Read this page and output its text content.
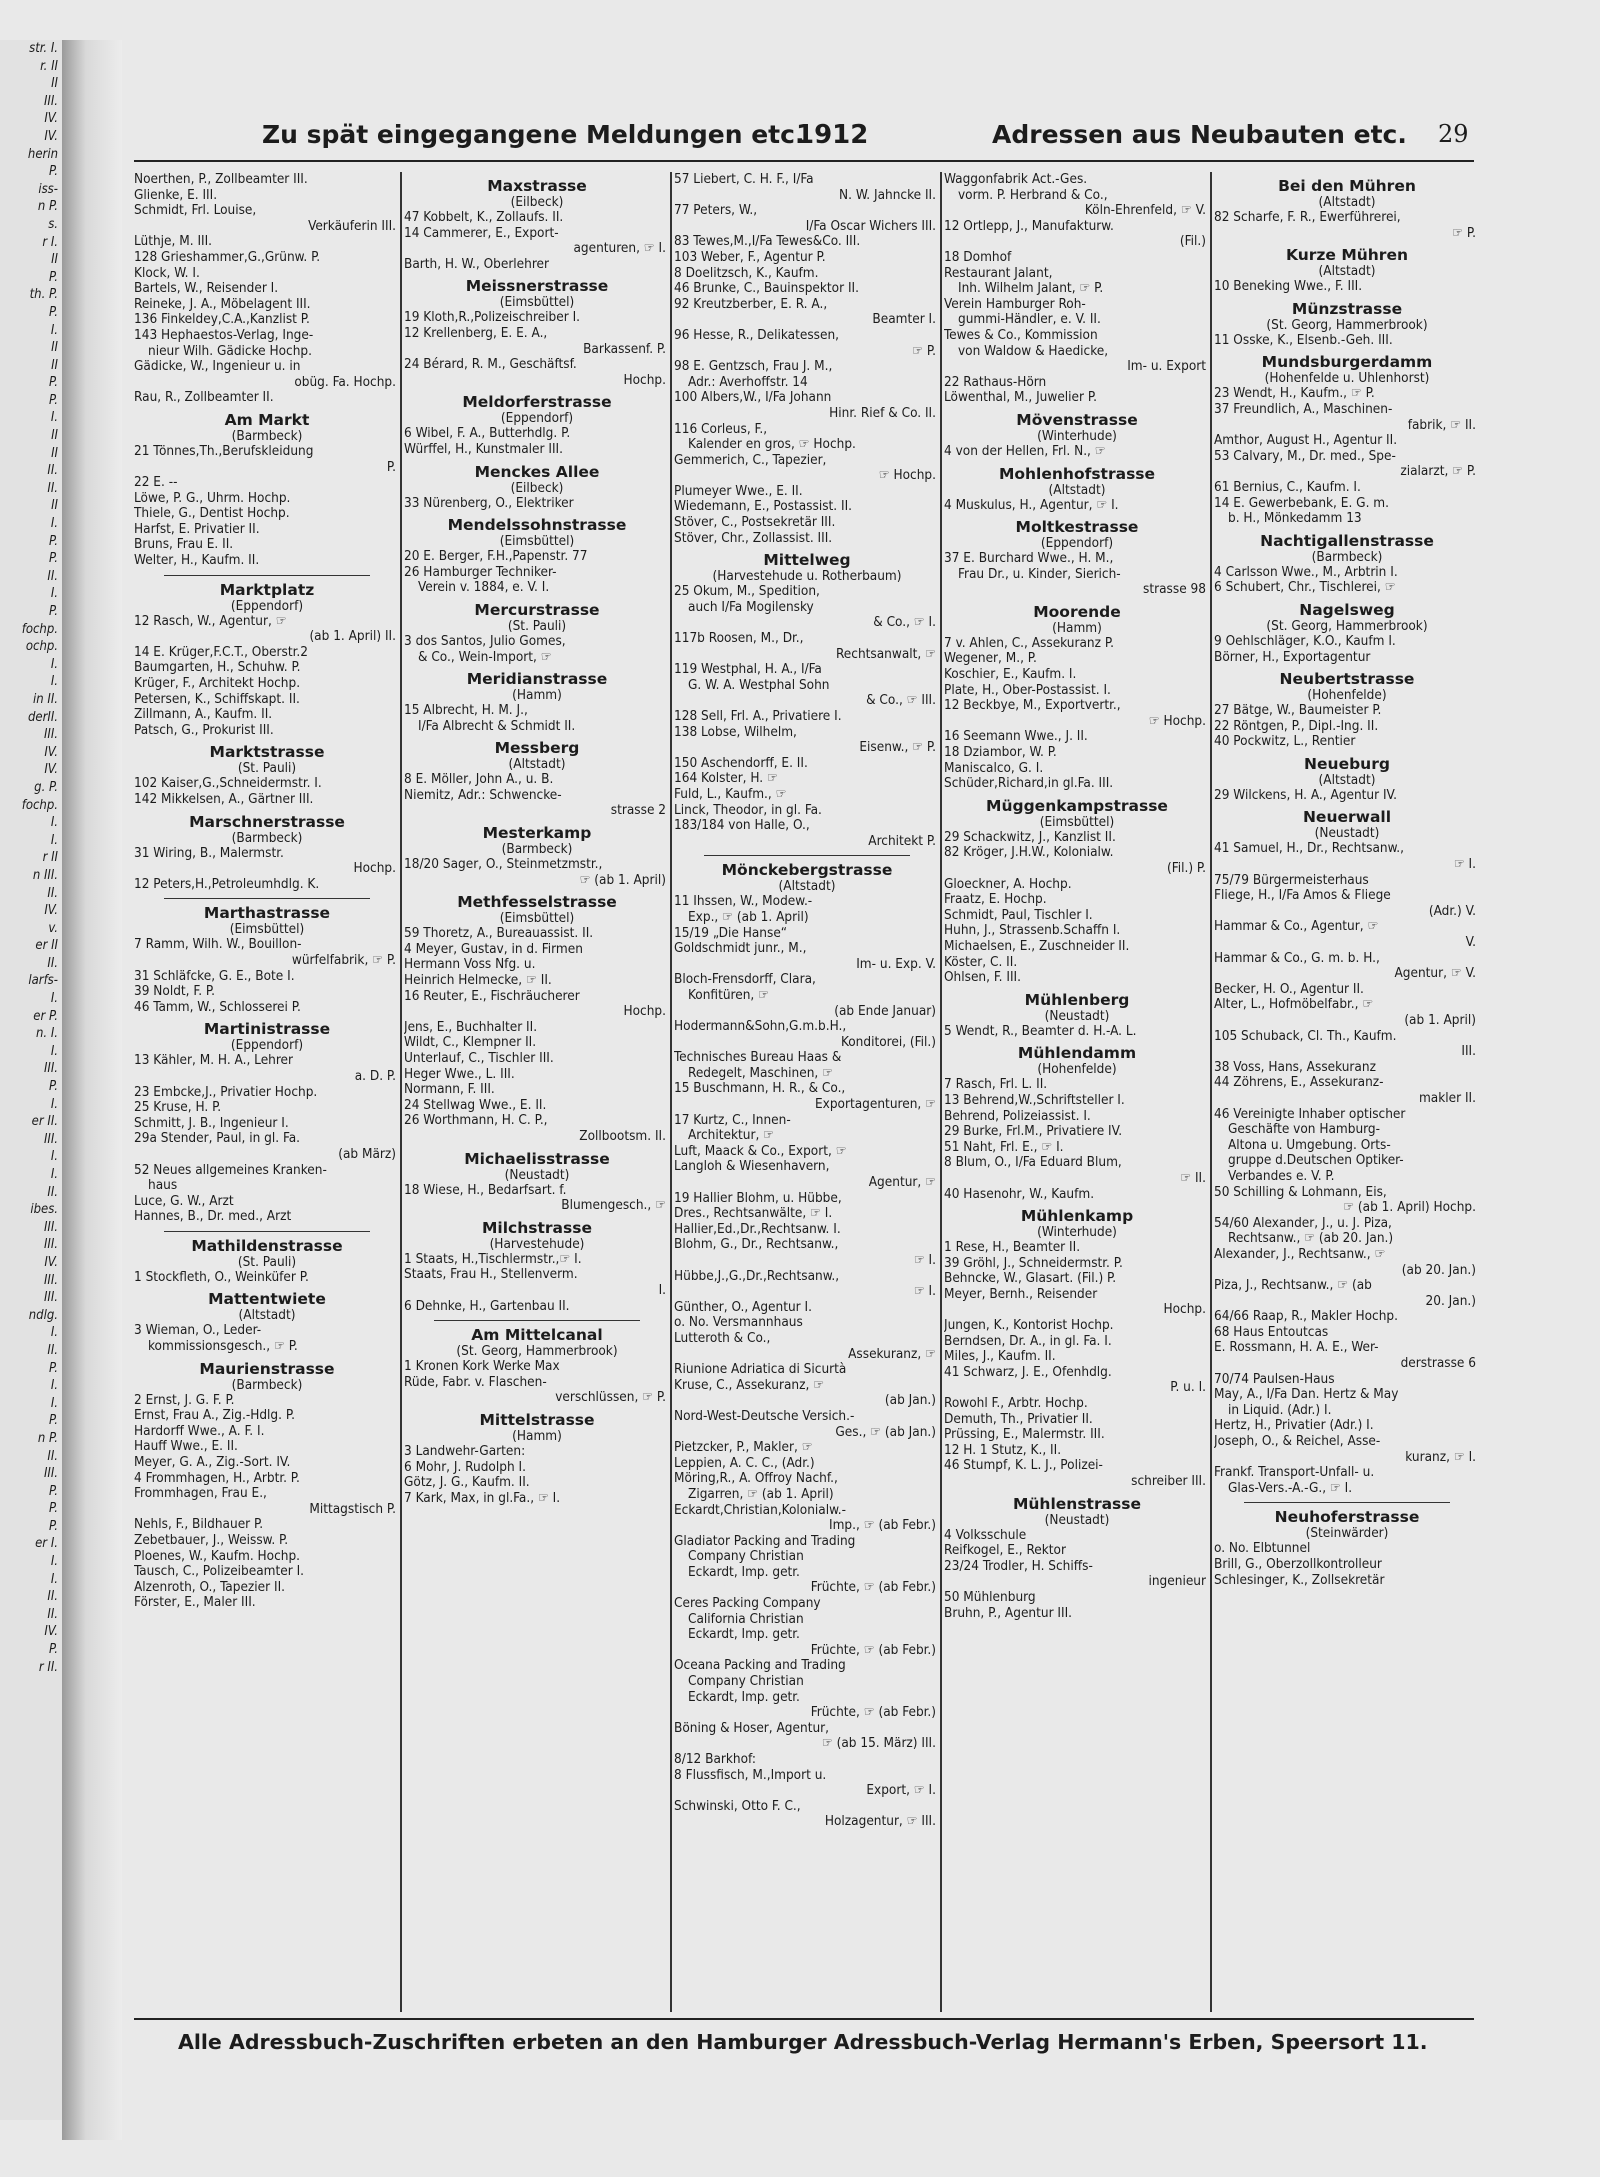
str. I.
r. II
II
III.
IV.
IV.
herin
P.
iss-
n P.
s.
r I.
II
P.
th. P.
P.
I.
II
II
P.
P.
I.
II
II
II.
II.
II
I.
P.
P.
II.
I.
P.
fochp.
ochp.
I.
I.
in II.
derII.
III.
IV.
IV.
g. P.
fochp.
I.
I.
r II
n III.
II.
IV.
v.
er II
II.
larfs-
I.
er P.
n. I.
I.
III.
P.
I.
er II.
III.
I.
I.
II.
ibes.
III.
III.
IV.
III.
III.
ndlg.
I.
II.
P.
I.
I.
P.
n P.
II.
III.
P.
P.
P.
er I.
I.
I.
II.
II.
IV.
P.
r II.
Zu spät eingegangene Meldungen etc.
1912	Adressen aus Neubauten etc. 29
Noerthen, P., Zollbeamter III.
Glienke, E. III.
Schmidt, Frl. Louise,
Verkäuferin III.
Lüthje, M. III.
128 Grieshammer,G.,Grünw. P.
Klock, W. I.
Bartels, W., Reisender I.
Reineke, J. A., Möbelagent III.
136 Finkeldey,C.A.,Kanzlist P.
143 Hephaestos-Verlag, Inge-
nieur Wilh. Gädicke Hochp.
Gädicke, W., Ingenieur u. in
obüg. Fa. Hochp.
Rau, R., Zollbeamter II.
Am Markt
(Barmbeck)
21 Tönnes,Th.,Berufskleidung
P.
22 E. --
Löwe, P. G., Uhrm. Hochp.
Thiele, G., Dentist Hochp.
Harfst, E. Privatier II.
Bruns, Frau E. II.
Welter, H., Kaufm. II.
Marktplatz
(Eppendorf)
12 Rasch, W., Agentur, ☞
(ab 1. April) II.
14 E. Krüger,F.C.T., Oberstr.2
Baumgarten, H., Schuhw. P.
Krüger, F., Architekt Hochp.
Petersen, K., Schiffskapt. II.
Zillmann, A., Kaufm. II.
Patsch, G., Prokurist III.
Marktstrasse
(St. Pauli)
102 Kaiser,G.,Schneidermstr. I.
142 Mikkelsen, A., Gärtner III.
Marschnerstrasse
(Barmbeck)
31 Wiring, B., Malermstr.
Hochp.
12 Peters,H.,Petroleumhdlg. K.
Marthastrasse
(Eimsbüttel)
7 Ramm, Wilh. W., Bouillon-
würfelfabrik, ☞ P.
31 Schläfcke, G. E., Bote I.
39 Noldt, F. P.
46 Tamm, W., Schlosserei P.
Martinistrasse
(Eppendorf)
13 Kähler, M. H. A., Lehrer
a. D. P.
23 Embcke,J., Privatier Hochp.
25 Kruse, H. P.
Schmitt, J. B., Ingenieur I.
29a Stender, Paul, in gl. Fa.
(ab März)
52 Neues allgemeines Kranken-
haus
Luce, G. W., Arzt
Hannes, B., Dr. med., Arzt
Mathildenstrasse
(St. Pauli)
1 Stockfleth, O., Weinküfer P.
Mattentwiete
(Altstadt)
3 Wieman, O., Leder-
kommissionsgesch., ☞ P.
Maurienstrasse
(Barmbeck)
2 Ernst, J. G. F. P.
Ernst, Frau A., Zig.-Hdlg. P.
Hardorff Wwe., A. F. I.
Hauff Wwe., E. II.
Meyer, G. A., Zig.-Sort. IV.
4 Frommhagen, H., Arbtr. P.
Frommhagen, Frau E.,
Mittagstisch P.
Nehls, F., Bildhauer P.
Zebetbauer, J., Weissw. P.
Ploenes, W., Kaufm. Hochp.
Tausch, C., Polizeibeamter I.
Alzenroth, O., Tapezier II.
Förster, E., Maler III.
Maxstrasse
(Eilbeck)
47 Kobbelt, K., Zollaufs. II.
14 Cammerer, E., Export-
agenturen, ☞ I.
Barth, H. W., Oberlehrer
Meissnerstrasse
(Eimsbüttel)
19 Kloth,R.,Polizeischreiber I.
12 Krellenberg, E. E. A.,
Barkassenf. P.
24 Bérard, R. M., Geschäftsf.
Hochp.
Meldorferstrasse
(Eppendorf)
6 Wibel, F. A., Butterhdlg. P.
Würffel, H., Kunstmaler III.
Menckes Allee
(Eilbeck)
33 Nürenberg, O., Elektriker
Mendelssohnstrasse
(Eimsbüttel)
20 E. Berger, F.H.,Papenstr. 77
26 Hamburger Techniker-
Verein v. 1884, e. V. I.
Mercurstrasse
(St. Pauli)
3 dos Santos, Julio Gomes,
& Co., Wein-Import, ☞
Meridianstrasse
(Hamm)
15 Albrecht, H. M. J.,
I/Fa Albrecht & Schmidt II.
Messberg
(Altstadt)
8 E. Möller, John A., u. B.
Niemitz, Adr.: Schwencke-
strasse 2
Mesterkamp
(Barmbeck)
18/20 Sager, O., Steinmetzmstr.,
☞ (ab 1. April)
Methfesselstrasse
(Eimsbüttel)
59 Thoretz, A., Bureauassist. II.
4 Meyer, Gustav, in d. Firmen
Hermann Voss Nfg. u.
Heinrich Helmecke, ☞ II.
16 Reuter, E., Fischräucherer
Hochp.
Jens, E., Buchhalter II.
Wildt, C., Klempner II.
Unterlauf, C., Tischler III.
Heger Wwe., L. III.
Normann, F. III.
24 Stellwag Wwe., E. II.
26 Worthmann, H. C. P.,
Zollbootsm. II.
Michaelisstrasse
(Neustadt)
18 Wiese, H., Bedarfsart. f.
Blumengesch., ☞
Milchstrasse
(Harvestehude)
1 Staats, H.,Tischlermstr.,☞ I.
Staats, Frau H., Stellenverm.
I.
6 Dehnke, H., Gartenbau II.
Am Mittelcanal
(St. Georg, Hammerbrook)
1 Kronen Kork Werke Max
Rüde, Fabr. v. Flaschen-
verschlüssen, ☞ P.
Mittelstrasse
(Hamm)
3 Landwehr-Garten:
6 Mohr, J. Rudolph I.
Götz, J. G., Kaufm. II.
7 Kark, Max, in gl.Fa., ☞ I.
57 Liebert, C. H. F., I/Fa
N. W. Jahncke II.
77 Peters, W.,
I/Fa Oscar Wichers III.
83 Tewes,M.,I/Fa Tewes&Co. III.
103 Weber, F., Agentur P.
8 Doelitzsch, K., Kaufm.
46 Brunke, C., Bauinspektor II.
92 Kreutzberber, E. R. A.,
Beamter I.
96 Hesse, R., Delikatessen,
☞ P.
98 E. Gentzsch, Frau J. M.,
Adr.: Averhoffstr. 14
100 Albers,W., I/Fa Johann
Hinr. Rief & Co. II.
116 Corleus, F.,
Kalender en gros, ☞ Hochp.
Gemmerich, C., Tapezier,
☞ Hochp.
Plumeyer Wwe., E. II.
Wiedemann, E., Postassist. II.
Stöver, C., Postsekretär III.
Stöver, Chr., Zollassist. III.
Mittelweg
(Harvestehude u. Rotherbaum)
25 Okum, M., Spedition,
auch I/Fa Mogilensky
& Co., ☞ I.
117b Roosen, M., Dr.,
Rechtsanwalt, ☞
119 Westphal, H. A., I/Fa
G. W. A. Westphal Sohn
& Co., ☞ III.
128 Sell, Frl. A., Privatiere I.
138 Lobse, Wilhelm,
Eisenw., ☞ P.
150 Aschendorff, E. II.
164 Kolster, H. ☞
Fuld, L., Kaufm., ☞
Linck, Theodor, in gl. Fa.
183/184 von Halle, O.,
Architekt P.
Mönckebergstrasse
(Altstadt)
11 Ihssen, W., Modew.-
Exp., ☞ (ab 1. April)
15/19 „Die Hanse“
Goldschmidt junr., M.,
Im- u. Exp. V.
Bloch-Frensdorff, Clara,
Konfitüren, ☞
(ab Ende Januar)
Hodermann&Sohn,G.m.b.H.,
Konditorei, (Fil.)
Technisches Bureau Haas &
Redegelt, Maschinen, ☞
15 Buschmann, H. R., & Co.,
Exportagenturen, ☞
17 Kurtz, C., Innen-
Architektur, ☞
Luft, Maack & Co., Export, ☞
Langloh & Wiesenhavern,
Agentur, ☞
19 Hallier Blohm, u. Hübbe,
Dres., Rechtsanwälte, ☞ I.
Hallier,Ed.,Dr.,Rechtsanw. I.
Blohm, G., Dr., Rechtsanw.,
☞ I.
Hübbe,J.,G.,Dr.,Rechtsanw.,
☞ I.
Günther, O., Agentur I.
o. No. Versmannhaus
Lutteroth & Co.,
Assekuranz, ☞
Riunione Adriatica di Sicurtà
Kruse, C., Assekuranz, ☞
(ab Jan.)
Nord-West-Deutsche Versich.-
Ges., ☞ (ab Jan.)
Pietzcker, P., Makler, ☞
Leppien, A. C. C., (Adr.)
Möring,R., A. Offroy Nachf.,
Zigarren, ☞ (ab 1. April)
Eckardt,Christian,Kolonialw.-
Imp., ☞ (ab Febr.)
Gladiator Packing and Trading
Company Christian
Eckardt, Imp. getr.
Früchte, ☞ (ab Febr.)
Ceres Packing Company
California Christian
Eckardt, Imp. getr.
Früchte, ☞ (ab Febr.)
Oceana Packing and Trading
Company Christian
Eckardt, Imp. getr.
Früchte, ☞ (ab Febr.)
Böning & Hoser, Agentur,
☞ (ab 15. März) III.
8/12 Barkhof:
8 Flussfisch, M.,Import u.
Export, ☞ I.
Schwinski, Otto F. C.,
Holzagentur, ☞ III.
Waggonfabrik Act.-Ges.
vorm. P. Herbrand & Co.,
Köln-Ehrenfeld, ☞ V.
12 Ortlepp, J., Manufakturw.
(Fil.)
18 Domhof
Restaurant Jalant,
Inh. Wilhelm Jalant, ☞ P.
Verein Hamburger Roh-
gummi-Händler, e. V. II.
Tewes & Co., Kommission
von Waldow & Haedicke,
Im- u. Export
22 Rathaus-Hörn
Löwenthal, M., Juwelier P.
Mövenstrasse
(Winterhude)
4 von der Hellen, Frl. N., ☞
Mohlenhofstrasse
(Altstadt)
4 Muskulus, H., Agentur, ☞ I.
Moltkestrasse
(Eppendorf)
37 E. Burchard Wwe., H. M.,
Frau Dr., u. Kinder, Sierich-
strasse 98
Moorende
(Hamm)
7 v. Ahlen, C., Assekuranz P.
Wegener, M., P.
Koschier, E., Kaufm. I.
Plate, H., Ober-Postassist. I.
12 Beckbye, M., Exportvertr.,
☞ Hochp.
16 Seemann Wwe., J. II.
18 Dziambor, W. P.
Maniscalco, G. I.
Schüder,Richard,in gl.Fa. III.
Müggenkampstrasse
(Eimsbüttel)
29 Schackwitz, J., Kanzlist II.
82 Kröger, J.H.W., Kolonialw.
(Fil.) P.
Gloeckner, A. Hochp.
Fraatz, E. Hochp.
Schmidt, Paul, Tischler I.
Huhn, J., Strassenb.Schaffn I.
Michaelsen, E., Zuschneider II.
Köster, C. II.
Ohlsen, F. III.
Mühlenberg
(Neustadt)
5 Wendt, R., Beamter d. H.-A. L.
Mühlendamm
(Hohenfelde)
7 Rasch, Frl. L. II.
13 Behrend,W.,Schriftsteller I.
Behrend, Polizeiassist. I.
29 Burke, Frl.M., Privatiere IV.
51 Naht, Frl. E., ☞ I.
8 Blum, O., I/Fa Eduard Blum,
☞ II.
40 Hasenohr, W., Kaufm.
Mühlenkamp
(Winterhude)
1 Rese, H., Beamter II.
39 Gröhl, J., Schneidermstr. P.
Behncke, W., Glasart. (Fil.) P.
Meyer, Bernh., Reisender
Hochp.
Jungen, K., Kontorist Hochp.
Berndsen, Dr. A., in gl. Fa. I.
Miles, J., Kaufm. II.
41 Schwarz, J. E., Ofenhdlg.
P. u. I.
Rowohl F., Arbtr. Hochp.
Demuth, Th., Privatier II.
Prüssing, E., Malermstr. III.
12 H. 1 Stutz, K., II.
46 Stumpf, K. L. J., Polizei-
schreiber III.
Mühlenstrasse
(Neustadt)
4 Volksschule
Reifkogel, E., Rektor
23/24 Trodler, H. Schiffs-
ingenieur
50 Mühlenburg
Bruhn, P., Agentur III.
Bei den Mühren
(Altstadt)
82 Scharfe, F. R., Ewerführerei,
☞ P.
Kurze Mühren
(Altstadt)
10 Beneking Wwe., F. III.
Münzstrasse
(St. Georg, Hammerbrook)
11 Osske, K., Elsenb.-Geh. III.
Mundsburgerdamm
(Hohenfelde u. Uhlenhorst)
23 Wendt, H., Kaufm., ☞ P.
37 Freundlich, A., Maschinen-
fabrik, ☞ II.
Amthor, August H., Agentur II.
53 Calvary, M., Dr. med., Spe-
zialarzt, ☞ P.
61 Bernius, C., Kaufm. I.
14 E. Gewerbebank, E. G. m.
b. H., Mönkedamm 13
Nachtigallenstrasse
(Barmbeck)
4 Carlsson Wwe., M., Arbtrin I.
6 Schubert, Chr., Tischlerei, ☞
Nagelsweg
(St. Georg, Hammerbrook)
9 Oehlschläger, K.O., Kaufm I.
Börner, H., Exportagentur
Neubertstrasse
(Hohenfelde)
27 Bätge, W., Baumeister P.
22 Röntgen, P., Dipl.-Ing. II.
40 Pockwitz, L., Rentier
Neueburg
(Altstadt)
29 Wilckens, H. A., Agentur IV.
Neuerwall
(Neustadt)
41 Samuel, H., Dr., Rechtsanw.,
☞ I.
75/79 Bürgermeisterhaus
Fliege, H., I/Fa Amos & Fliege
(Adr.) V.
Hammar & Co., Agentur, ☞
V.
Hammar & Co., G. m. b. H.,
Agentur, ☞ V.
Becker, H. O., Agentur II.
Alter, L., Hofmöbelfabr., ☞
(ab 1. April)
105 Schuback, Cl. Th., Kaufm.
III.
38 Voss, Hans, Assekuranz
44 Zöhrens, E., Assekuranz-
makler II.
46 Vereinigte Inhaber optischer
Geschäfte von Hamburg-
Altona u. Umgebung. Orts-
gruppe d.Deutschen Optiker-
Verbandes e. V. P.
50 Schilling & Lohmann, Eis,
☞ (ab 1. April) Hochp.
54/60 Alexander, J., u. J. Piza,
Rechtsanw., ☞ (ab 20. Jan.)
Alexander, J., Rechtsanw., ☞
(ab 20. Jan.)
Piza, J., Rechtsanw., ☞ (ab
20. Jan.)
64/66 Raap, R., Makler Hochp.
68 Haus Entoutcas
E. Rossmann, H. A. E., Wer-
derstrasse 6
70/74 Paulsen-Haus
May, A., I/Fa Dan. Hertz & May
in Liquid. (Adr.) I.
Hertz, H., Privatier (Adr.) I.
Joseph, O., & Reichel, Asse-
kuranz, ☞ I.
Frankf. Transport-Unfall- u.
Glas-Vers.-A.-G., ☞ I.
Neuhoferstrasse
(Steinwärder)
o. No. Elbtunnel
Brill, G., Oberzollkontrolleur
Schlesinger, K., Zollsekretär
Alle Adressbuch-Zuschriften erbeten an den Hamburger Adressbuch-Verlag Hermann's Erben, Speersort 11.
